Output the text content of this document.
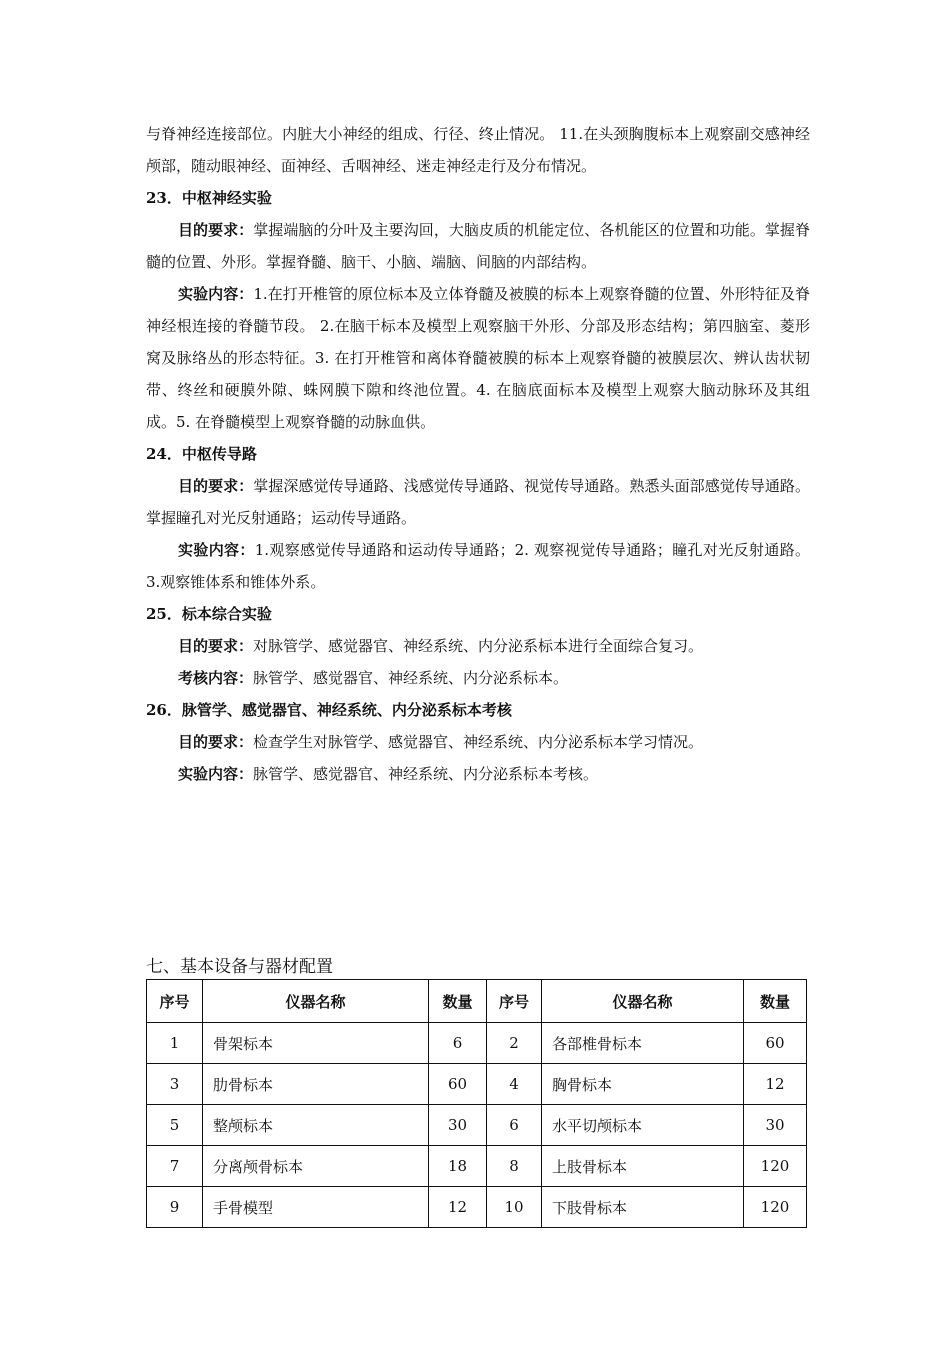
与脊神经连接部位。内脏大小神经的组成、行径、终止情况。 11.在头颈胸腹标本上观察副交感神经颅部，随动眼神经、面神经、舌咽神经、迷走神经走行及分布情况。

23．中枢神经实验

目的要求：掌握端脑的分叶及主要沟回，大脑皮质的机能定位、各机能区的位置和功能。掌握脊髓的位置、外形。掌握脊髓、脑干、小脑、端脑、间脑的内部结构。

实验内容：1.在打开椎管的原位标本及立体脊髓及被膜的标本上观察脊髓的位置、外形特征及脊神经根连接的脊髓节段。 2.在脑干标本及模型上观察脑干外形、分部及形态结构；第四脑室、菱形窝及脉络丛的形态特征。3. 在打开椎管和离体脊髓被膜的标本上观察脊髓的被膜层次、辨认齿状韧带、终丝和硬膜外隙、蛛网膜下隙和终池位置。4. 在脑底面标本及模型上观察大脑动脉环及其组成。5. 在脊髓模型上观察脊髓的动脉血供。

24．中枢传导路

目的要求：掌握深感觉传导通路、浅感觉传导通路、视觉传导通路。熟悉头面部感觉传导通路。掌握瞳孔对光反射通路；运动传导通路。

实验内容：1.观察感觉传导通路和运动传导通路；2. 观察视觉传导通路；瞳孔对光反射通路。3.观察锥体系和锥体外系。

25．标本综合实验

目的要求：对脉管学、感觉器官、神经系统、内分泌系标本进行全面综合复习。

考核内容：脉管学、感觉器官、神经系统、内分泌系标本。

26．脉管学、感觉器官、神经系统、内分泌系标本考核

目的要求：检查学生对脉管学、感觉器官、神经系统、内分泌系标本学习情况。

实验内容：脉管学、感觉器官、神经系统、内分泌系标本考核。

七、基本设备与器材配置
序号	仪器名称	数量	序号	仪器名称	数量
1	骨架标本	6	2	各部椎骨标本	60
3	肋骨标本	60	4	胸骨标本	12
5	整颅标本	30	6	水平切颅标本	30
7	分离颅骨标本	18	8	上肢骨标本	120
9	手骨模型	12	10	下肢骨标本	120
